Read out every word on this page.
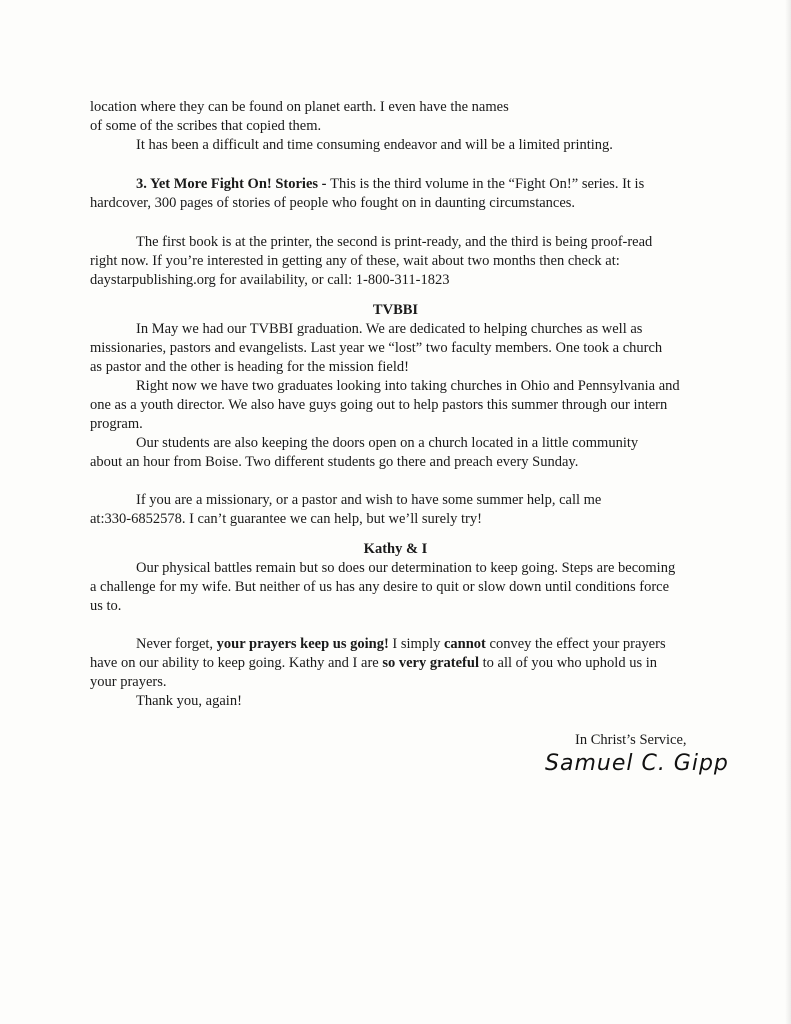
location where they can be found on planet earth. I even have the names
of some of the scribes that copied them.
It has been a difficult and time consuming endeavor and will be a limited printing.
3. Yet More Fight On! Stories - This is the third volume in the “Fight On!” series. It is
hardcover, 300 pages of stories of people who fought on in daunting circumstances.
The first book is at the printer, the second is print-ready, and the third is being proof-read
right now. If you’re interested in getting any of these, wait about two months then check at:
daystarpublishing.org for availability, or call: 1-800-311-1823
TVBBI
In May we had our TVBBI graduation. We are dedicated to helping churches as well as
missionaries, pastors and evangelists. Last year we “lost” two faculty members. One took a church
as pastor and the other is heading for the mission field!
Right now we have two graduates looking into taking churches in Ohio and Pennsylvania and
one as a youth director. We also have guys going out to help pastors this summer through our intern
program.
Our students are also keeping the doors open on a church located in a little community
about an hour from Boise. Two different students go there and preach every Sunday.
If you are a missionary, or a pastor and wish to have some summer help, call me
at:330-6852578. I can’t guarantee we can help, but we’ll surely try!
Kathy & I
Our physical battles remain but so does our determination to keep going. Steps are becoming
a challenge for my wife. But neither of us has any desire to quit or slow down until conditions force
us to.
Never forget, your prayers keep us going! I simply cannot convey the effect your prayers
have on our ability to keep going. Kathy and I are so very grateful to all of you who uphold us in
your prayers.
Thank you, again!
In Christ’s Service,
Samuel C. Gipp
